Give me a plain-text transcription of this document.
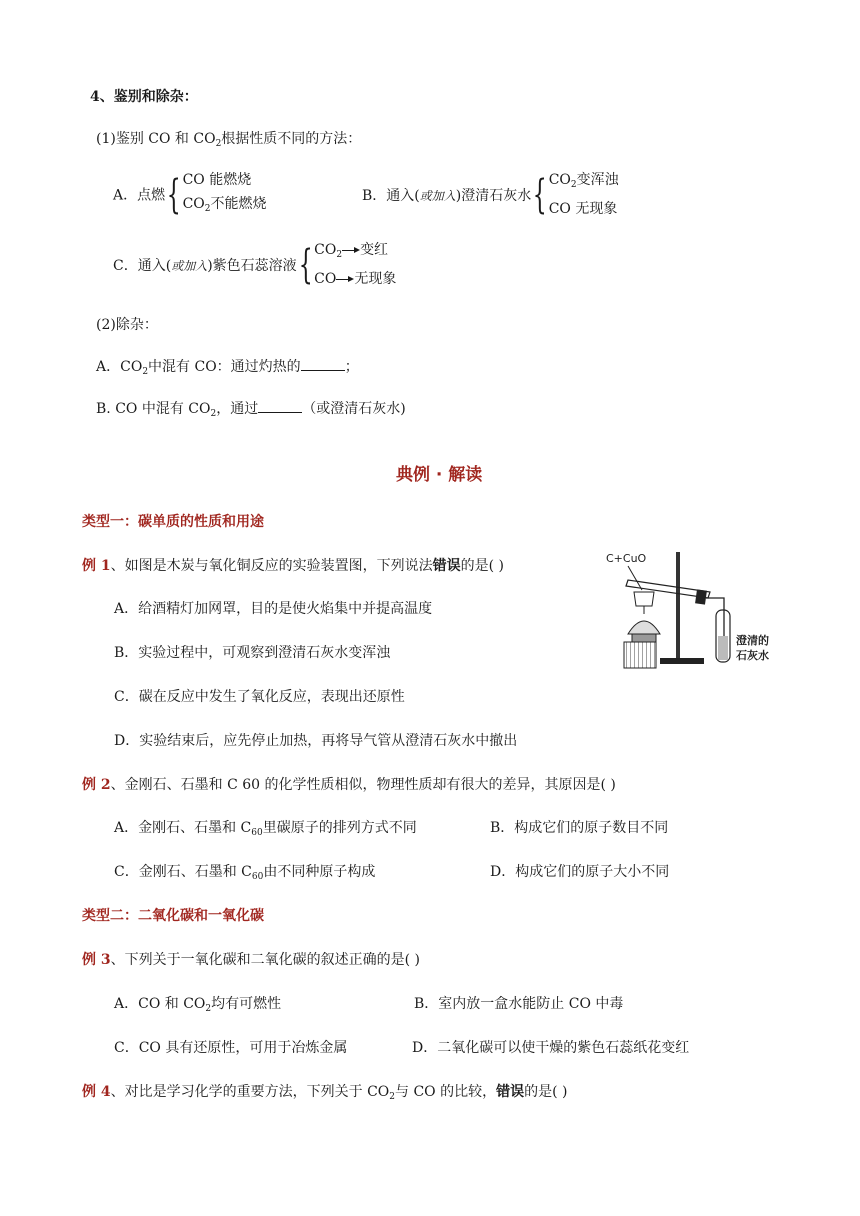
4、鉴别和除杂：
(1)鉴别 CO 和 $CO_2$根据性质不同的方法：
A．点燃{ CO 能燃烧
$CO_2$不能燃烧
B．通入(或加入)澄清石灰水{ $CO_2$变浑浊
CO 无现象
C．通入(或加入)紫色石蕊溶液{ $CO_2$ 变红
CO 无现象
(2)除杂：
A．$CO_2$中混有 CO：通过灼热的	；
B. CO 中混有 $CO_2$，通过	（或澄清石灰水)
典例 · 解读
类型一：碳单质的性质和用途
例 1、如图是木炭与氧化铜反应的实验装置图，下列说法错误的是( )
A．给酒精灯加网罩，目的是使火焰集中并提高温度
B．实验过程中，可观察到澄清石灰水变浑浊
C．碳在反应中发生了氧化反应，表现出还原性
D．实验结束后，应先停止加热，再将导气管从澄清石灰水中撤出
C+CuO
澄清的
石灰水
例 2、金刚石、石墨和 C 60 的化学性质相似，物理性质却有很大的差异，其原因是( )
A．金刚石、石墨和 $C_{60}$里碳原子的排列方式不同	B．构成它们的原子数目不同
C．金刚石、石墨和 $C_{60}$由不同种原子构成	D．构成它们的原子大小不同
类型二：二氧化碳和一氧化碳
例 3、下列关于一氧化碳和二氧化碳的叙述正确的是( )
A．CO 和 $CO_2$均有可燃性	B．室内放一盒水能防止 CO 中毒
C．CO 具有还原性，可用于冶炼金属	D．二氧化碳可以使干燥的紫色石蕊纸花变红
例 4、对比是学习化学的重要方法，下列关于 $CO_2$与 CO 的比较，错误的是( )
